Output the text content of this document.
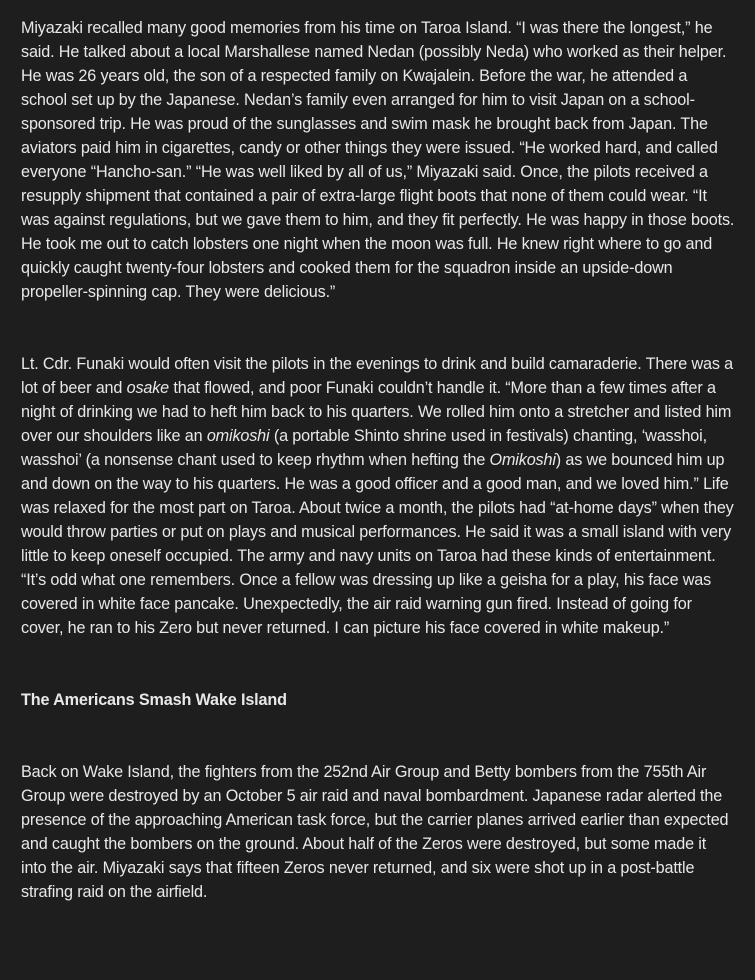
Miyazaki recalled many good memories from his time on Taroa Island. “I was there the longest,” he said. He talked about a local Marshallese named Nedan (possibly Neda) who worked as their helper. He was 26 years old, the son of a respected family on Kwajalein. Before the war, he attended a school set up by the Japanese. Nedan’s family even arranged for him to visit Japan on a school-sponsored trip. He was proud of the sunglasses and swim mask he brought back from Japan. The aviators paid him in cigarettes, candy or other things they were issued. “He worked hard, and called everyone “Hancho-san.” “He was well liked by all of us,” Miyazaki said. Once, the pilots received a resupply shipment that contained a pair of extra-large flight boots that none of them could wear. “It was against regulations, but we gave them to him, and they fit perfectly. He was happy in those boots. He took me out to catch lobsters one night when the moon was full. He knew right where to go and quickly caught twenty-four lobsters and cooked them for the squadron inside an upside-down propeller-spinning cap. They were delicious.”

Lt. Cdr. Funaki would often visit the pilots in the evenings to drink and build camaraderie. There was a lot of beer and osake that flowed, and poor Funaki couldn’t handle it. “More than a few times after a night of drinking we had to heft him back to his quarters. We rolled him onto a stretcher and listed him over our shoulders like an omikoshi (a portable Shinto shrine used in festivals) chanting, ‘wasshoi, wasshoi’ (a nonsense chant used to keep rhythm when hefting the Omikoshi) as we bounced him up and down on the way to his quarters. He was a good officer and a good man, and we loved him.” Life was relaxed for the most part on Taroa. About twice a month, the pilots had “at-home days” when they would throw parties or put on plays and musical performances. He said it was a small island with very little to keep oneself occupied. The army and navy units on Taroa had these kinds of entertainment. “It’s odd what one remembers. Once a fellow was dressing up like a geisha for a play, his face was covered in white face pancake. Unexpectedly, the air raid warning gun fired. Instead of going for cover, he ran to his Zero but never returned. I can picture his face covered in white makeup.”

The Americans Smash Wake Island

Back on Wake Island, the fighters from the 252nd Air Group and Betty bombers from the 755th Air Group were destroyed by an October 5 air raid and naval bombardment. Japanese radar alerted the presence of the approaching American task force, but the carrier planes arrived earlier than expected and caught the bombers on the ground. About half of the Zeros were destroyed, but some made it into the air. Miyazaki says that fifteen Zeros never returned, and six were shot up in a post-battle strafing raid on the airfield.
